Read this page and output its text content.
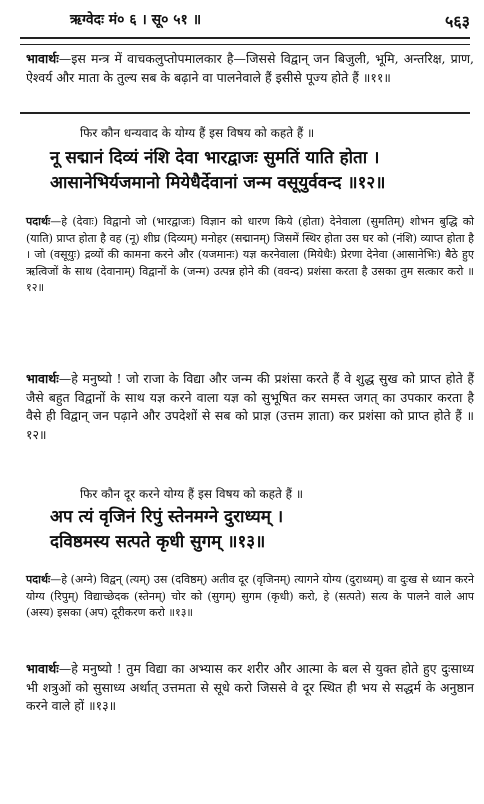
ऋग्वेदः मं० ६ । सू० ५१ ॥	५६३
भावार्थः—इस मन्त्र में वाचकलुप्तोपमालकार है—जिससे विद्वान् जन बिजुली, भूमि, अन्तरिक्ष, प्राण, ऐश्वर्य और माता के तुल्य सब के बढ़ाने वा पालनेवाले हैं इसीसे पूज्य होते हैं ॥११॥
फिर कौन धन्यवाद के योग्य हैं इस विषय को कहते हैं ॥
नू सद्मानं दिव्यं नंशि देवा भारद्वाजः सुमतिं याति होता ।
आसानेभिर्यजमानो मियेधैर्देवानां जन्म वसूयुर्ववन्द ॥१२॥
पदार्थः—हे (देवाः) विद्वानो जो (भारद्वाजः) विज्ञान को धारण किये (होता) देनेवाला (सुमतिम्) शोभन बुद्धि को (याति) प्राप्त होता है वह (नू) शीघ्र (दिव्यम्) मनोहर (सद्मानम्) जिसमें स्थिर होता उस घर को (नंशि) व्याप्त होता है । जो (वसूयुः) द्रव्यों की कामना करने और (यजमानः) यज्ञ करनेवाला (मियेधैः) प्रेरणा देनेवा (आसानेभिः) बैठे हुए ऋत्विजों के साथ (देवानाम्) विद्वानों के (जन्म) उत्पन्न होने की (ववन्द) प्रशंसा करता है उसका तुम सत्कार करो ॥१२॥
भावार्थः—हे मनुष्यो ! जो राजा के विद्या और जन्म की प्रशंसा करते हैं वे शुद्ध सुख को प्राप्त होते हैं जैसे बहुत विद्वानों के साथ यज्ञ करने वाला यज्ञ को सुभूषित कर समस्त जगत् का उपकार करता है वैसे ही विद्वान् जन पढ़ाने और उपदेशों से सब को प्राज्ञ (उत्तम ज्ञाता) कर प्रशंसा को प्राप्त होते हैं ॥१२॥
फिर कौन दूर करने योग्य हैं इस विषय को कहते हैं ॥
अप त्यं वृजिनं रिपुं स्तेनमग्ने दुराध्यम् ।
दविष्ठमस्य सत्पते कृधी सुगम् ॥१३॥
पदार्थः—हे (अग्ने) विद्वन् (त्यम्) उस (दविष्ठम्) अतीव दूर (वृजिनम्) त्यागने योग्य (दुराध्यम्) वा दुःख से ध्यान करने योग्य (रिपुम्) विद्याच्छेदक (स्तेनम्) चोर को (सुगम्) सुगम (कृधी) करो, हे (सत्पते) सत्य के पालने वाले आप (अस्य) इसका (अप) दूरीकरण करो ॥१३॥
भावार्थः—हे मनुष्यो ! तुम विद्या का अभ्यास कर शरीर और आत्मा के बल से युक्त होते हुए दुःसाध्य भी शत्रुओं को सुसाध्य अर्थात् उत्तमता से सूधे करो जिससे वे दूर स्थित ही भय से सद्धर्म के अनुष्ठान करने वाले हों ॥१३॥
